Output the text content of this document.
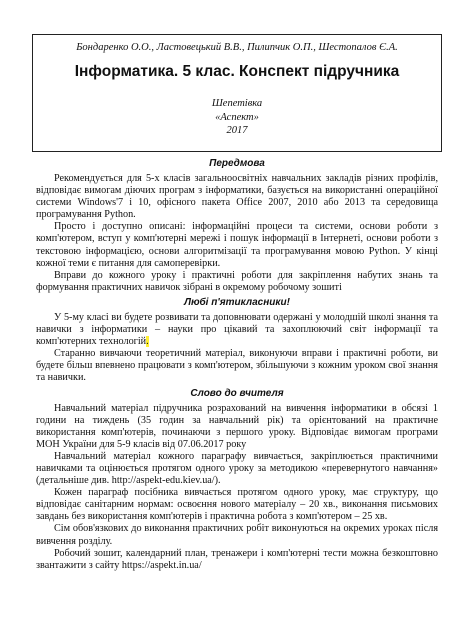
Бондаренко О.О., Ластовецький В.В., Пилипчик О.П., Шестопалов Є.А.
Інформатика. 5 клас. Конспект підручника
Шепетівка
«Аспект»
2017
Передмова

Рекомендується для 5-х класів загальноосвітніх навчальних закладів різних профілів, відповідає вимогам діючих програм з інформатики, базується на використанні операційної системи Windows'7 і 10, офісного пакета Office 2007, 2010 або 2013 та середовища програмування Python.

Просто і доступно описані: інформаційні процеси та системи, основи роботи з комп'ютером, вступ у комп'ютерні мережі і пошук інформації в Інтернеті, основи роботи з текстовою інформацією, основи алгоритмізації та програмування мовою Python. У кінці кожної теми є питання для самоперевірки.

Вправи до кожного уроку і практичні роботи для закріплення набутих знань та формування практичних навичок зібрані в окремому робочому зошиті

Любі п'ятикласники!

У 5-му класі ви будете розвивати та доповнювати одержані у молодшій школі знання та навички з інформатики – науки про цікавий та захоплюючий світ інформації та комп'ютерних технологій.

Старанно вивчаючи теоретичний матеріал, виконуючи вправи і практичні роботи, ви будете більш впевнено працювати з комп'ютером, збільшуючи з кожним уроком свої знання та навички.

Слово до вчителя

Навчальний матеріал підручника розрахований на вивчення інформатики в обсязі 1 години на тиждень (35 годин за навчальний рік) та орієнтований на практичне використання комп'ютерів, починаючи з першого уроку. Відповідає вимогам програми МОН України для 5-9 класів від 07.06.2017 року

Навчальний матеріал кожного параграфу вивчається, закріплюється практичними навичками та оцінюється протягом одного уроку за методикою «перевернутого навчання» (детальніше див. http://aspekt-edu.kiev.ua/).

Кожен параграф посібника вивчається протягом одного уроку, має структуру, що відповідає санітарним нормам: освоєння нового матеріалу – 20 хв., виконання письмових завдань без використання комп'ютерів і практична робота з комп'ютером – 25 хв.

Сім обов'язкових до виконання практичних робіт виконуються на окремих уроках після вивчення розділу.

Робочий зошит, календарний план, тренажери і комп'ютерні тести можна безкоштовно звантажити з сайту https://aspekt.in.ua/
